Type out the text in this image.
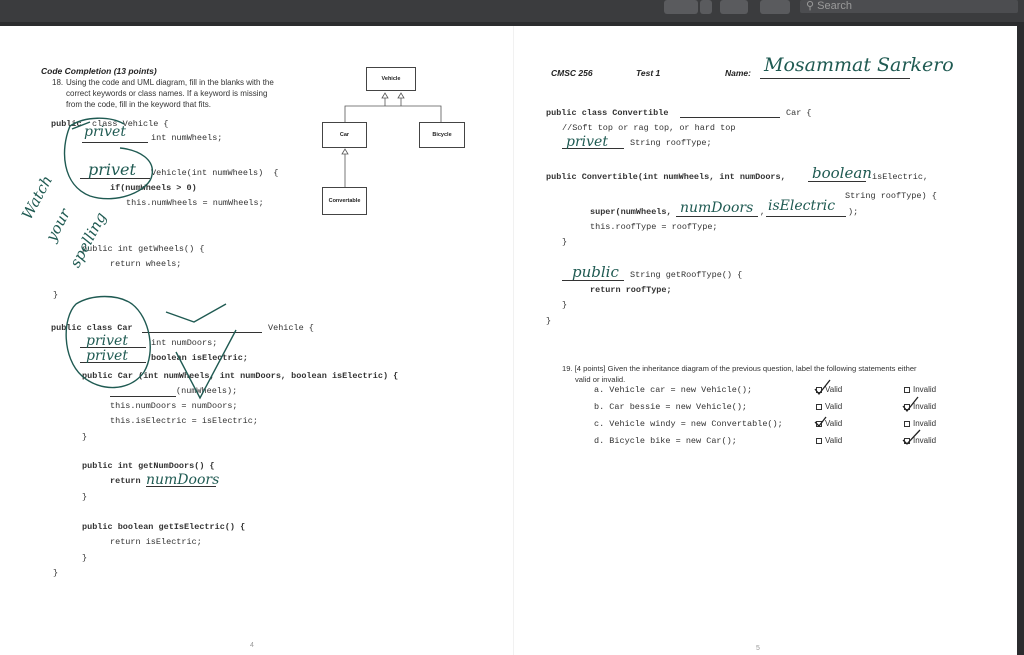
⚲ Search
Code Completion (13 points)
18. Using the code and UML diagram, fill in the blanks with the
correct keywords or class names. If a keyword is missing
from the code, fill in the keyword that fits.
Vehicle
Car	Bicycle
Convertable
public class Vehicle {
int numWheels;
Vehicle(int numWheels)  {
if(numWheels > 0)
this.numWheels = numWheels;
public int getWheels() {
return wheels;
}
public class Car	Vehicle {
int numDoors;
boolean isElectric;
public Car (int numWheels, int numDoors, boolean isElectric) {
(numWheels);
this.numDoors = numDoors;
this.isElectric = isElectric;
}
public int getNumDoors() {
return
}
public boolean getIsElectric() {
return isElectric;
}
}
privet
privet
Watch
your
spelling
privet
privet
numDoors
4
CMSC 256	Test 1	Name: Mosammat Sarkero
public class Convertible	Car {
//Soft top or rag top, or hard top
privet	String roofType;
public Convertible(int numWheels, int numDoors, boolean isElectric,
String roofType) {
super(numWheels, numDoors , isElectric );
this.roofType = roofType;
}
public String getRoofType() {
return roofType;
}
}
19. [4 points] Given the inheritance diagram of the previous question, label the following statements either
valid or invalid.
a. Vehicle car = new Vehicle();	Valid	Invalid
b. Car bessie = new Vehicle();	Valid	Invalid
c. Vehicle windy = new Convertable();	Valid	Invalid
d. Bicycle bike = new Car();	Valid	Invalid
5
